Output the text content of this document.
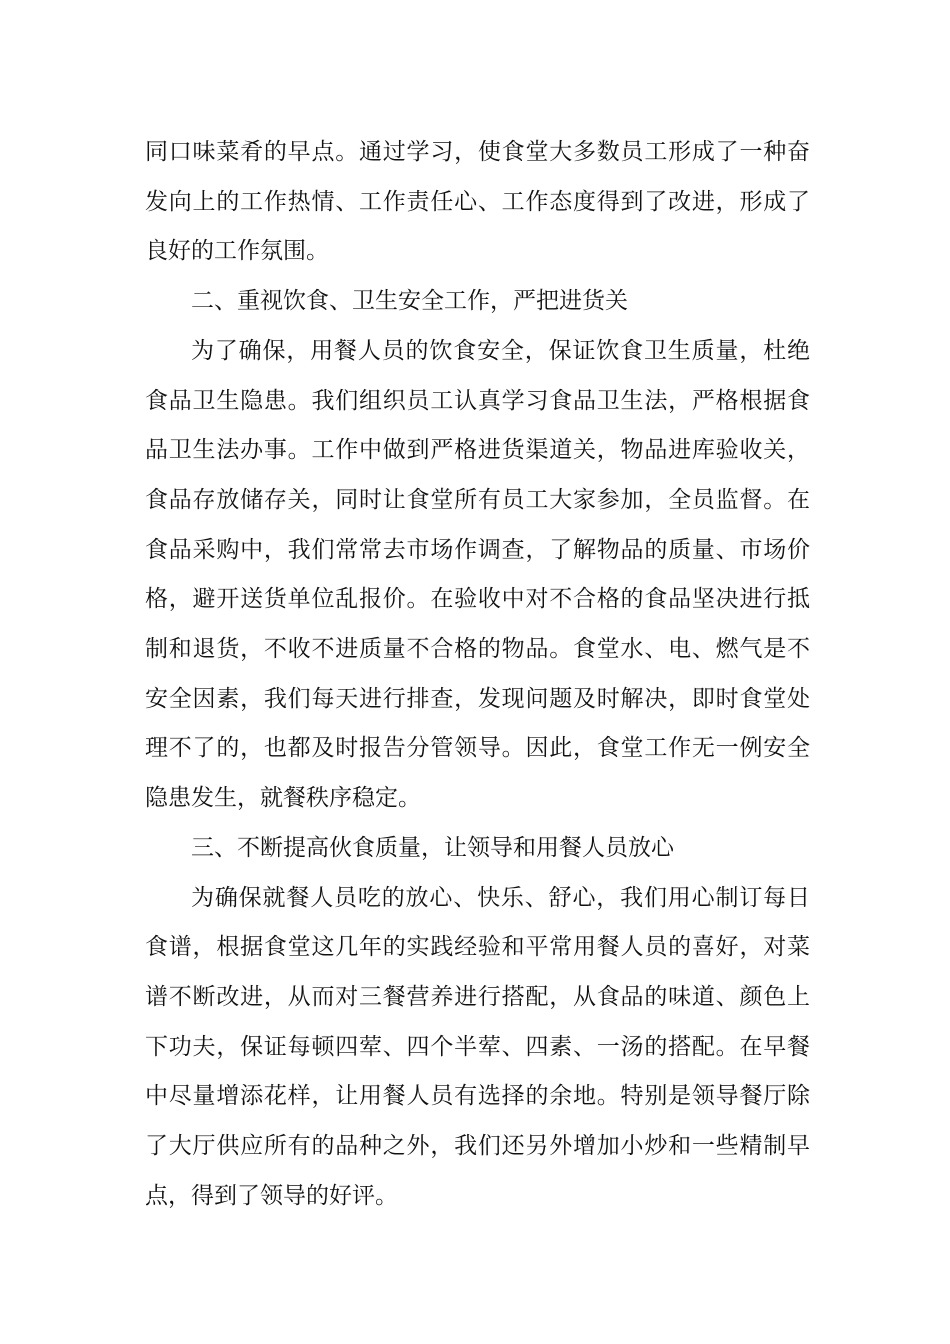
同口味菜肴的早点。通过学习，使食堂大多数员工形成了一种奋发向上的工作热情、工作责任心、工作态度得到了改进，形成了良好的工作氛围。

二、重视饮食、卫生安全工作，严把进货关

为了确保，用餐人员的饮食安全，保证饮食卫生质量，杜绝食品卫生隐患。我们组织员工认真学习食品卫生法，严格根据食品卫生法办事。工作中做到严格进货渠道关，物品进库验收关，食品存放储存关，同时让食堂所有员工大家参加，全员监督。在食品采购中，我们常常去市场作调查，了解物品的质量、市场价格，避开送货单位乱报价。在验收中对不合格的食品坚决进行抵制和退货，不收不进质量不合格的物品。食堂水、电、燃气是不安全因素，我们每天进行排查，发现问题及时解决，即时食堂处理不了的，也都及时报告分管领导。因此，食堂工作无一例安全隐患发生，就餐秩序稳定。

三、不断提高伙食质量，让领导和用餐人员放心

为确保就餐人员吃的放心、快乐、舒心，我们用心制订每日食谱，根据食堂这几年的实践经验和平常用餐人员的喜好，对菜谱不断改进，从而对三餐营养进行搭配，从食品的味道、颜色上下功夫，保证每顿四荤、四个半荤、四素、一汤的搭配。在早餐中尽量增添花样，让用餐人员有选择的余地。特别是领导餐厅除了大厅供应所有的品种之外，我们还另外增加小炒和一些精制早点，得到了领导的好评。
